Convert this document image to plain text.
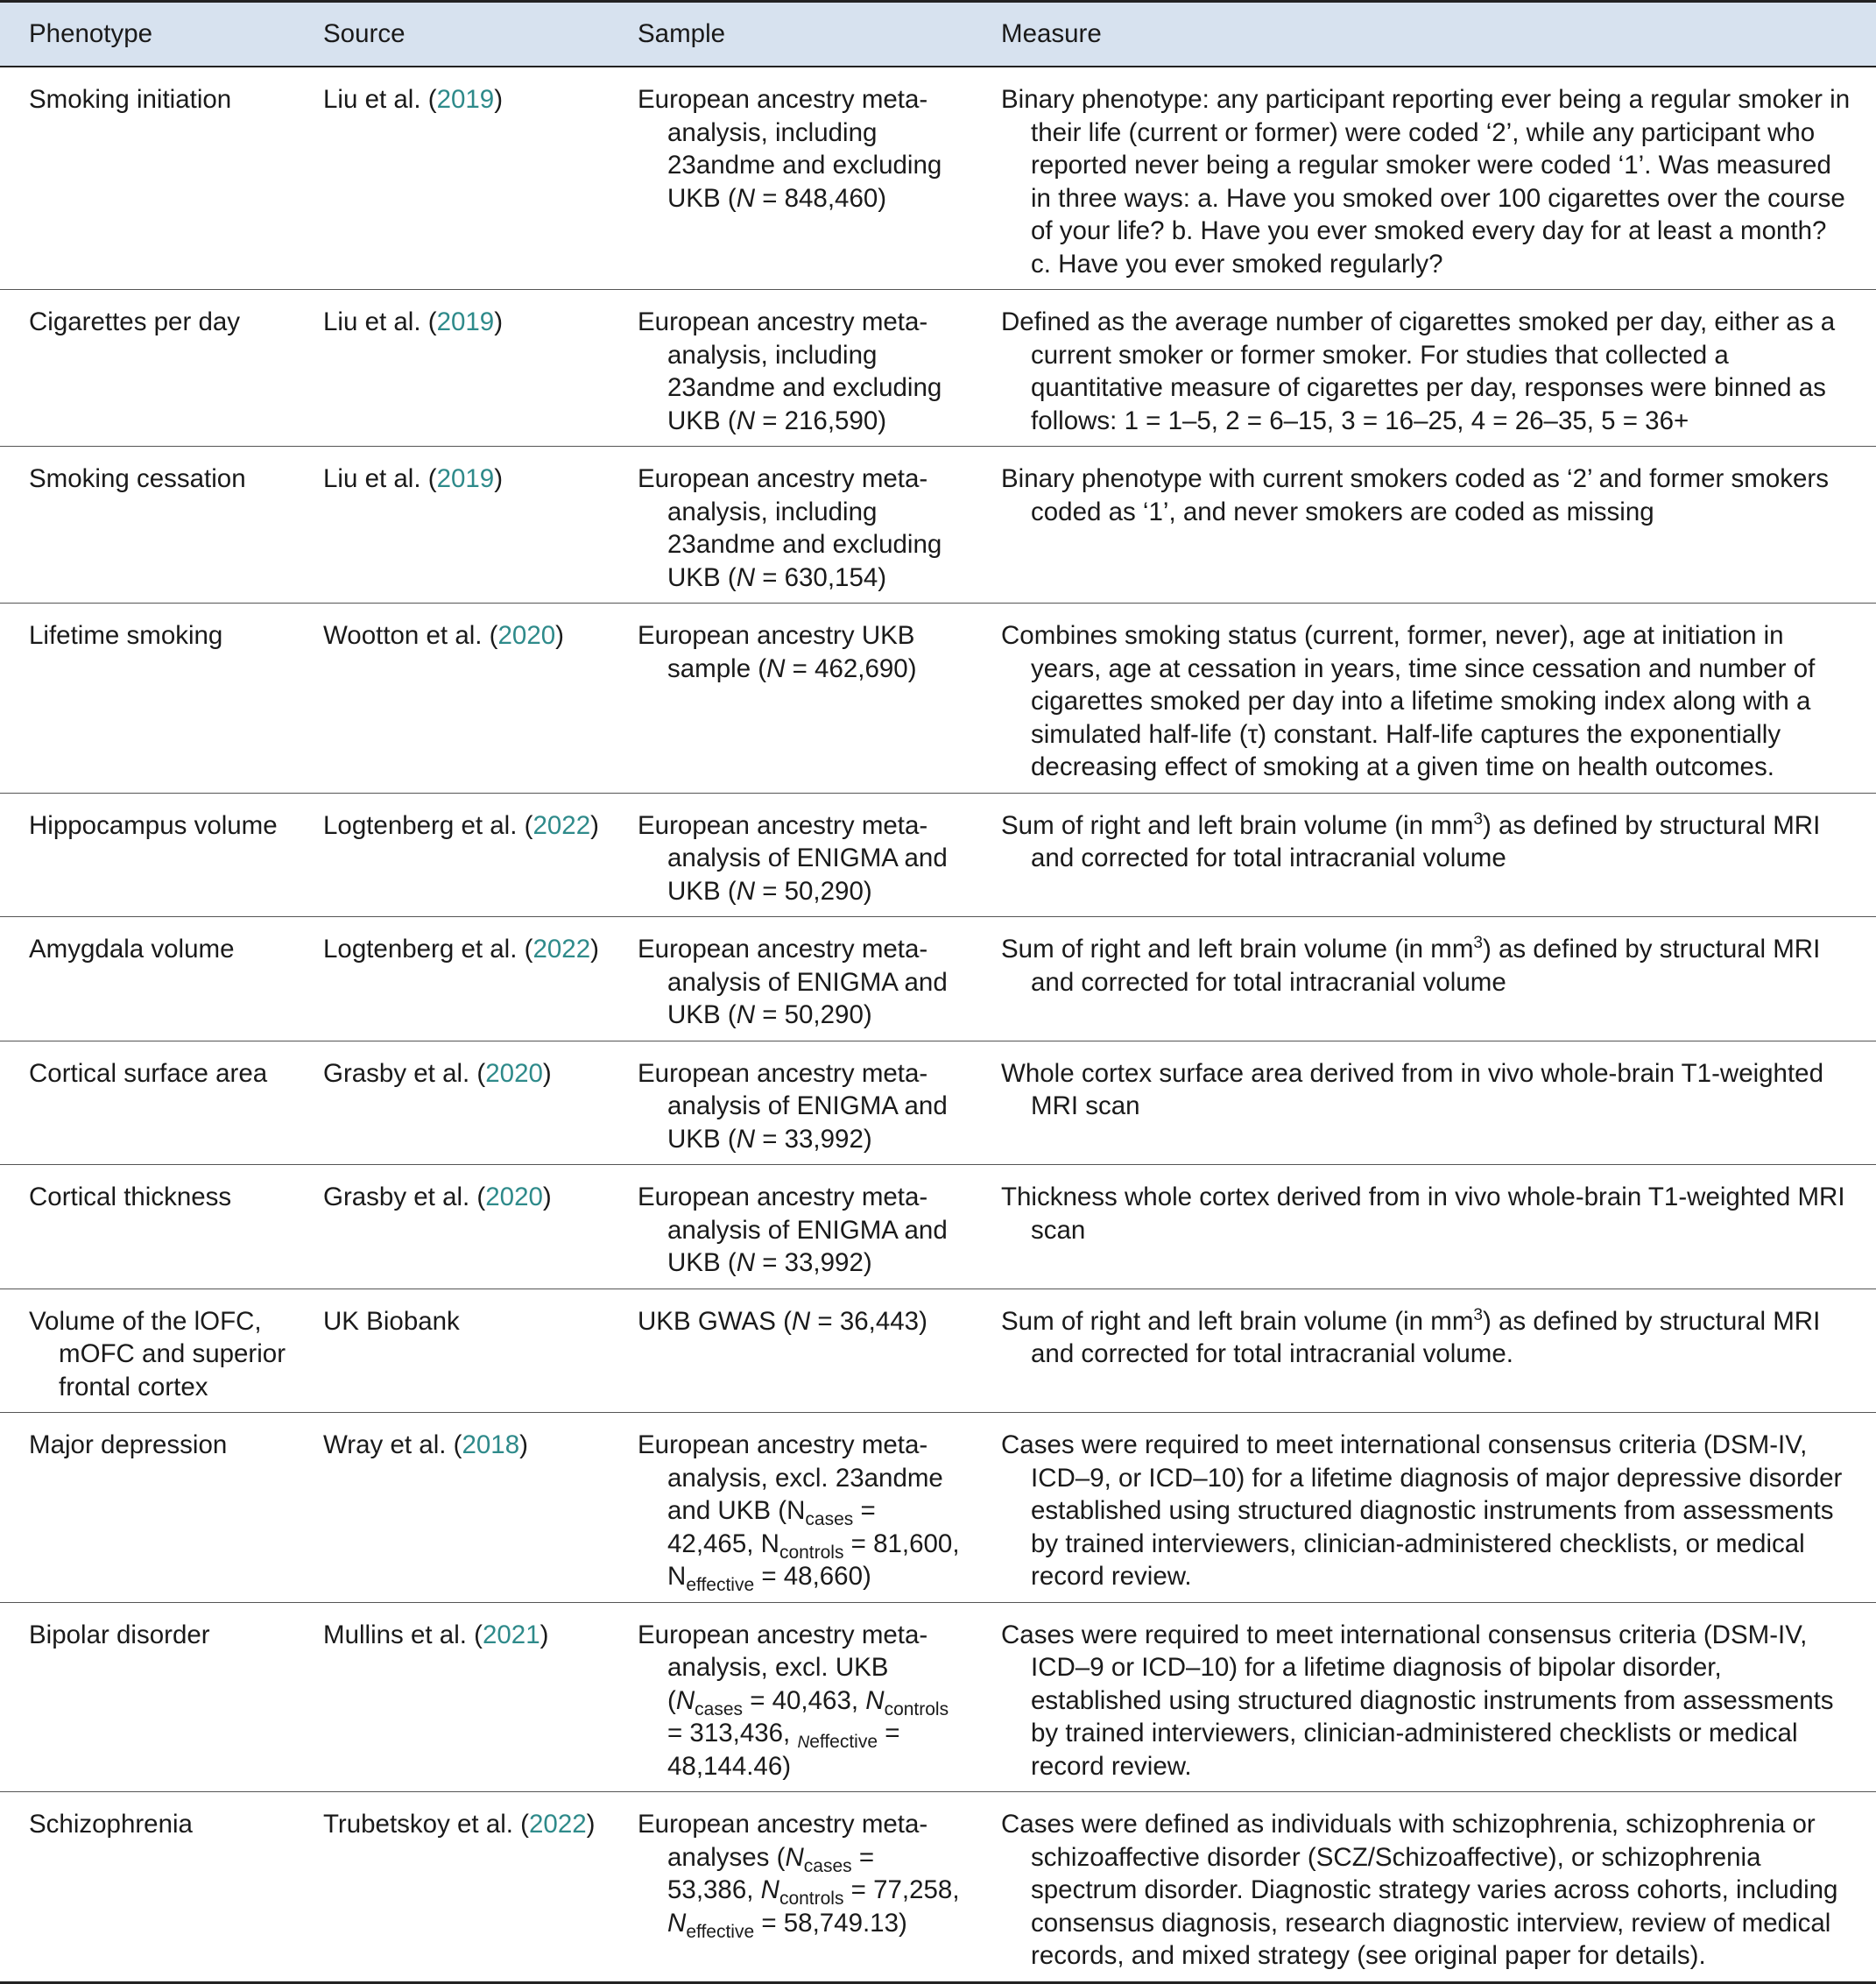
Phenotype	Source	Sample	Measure

Smoking initiation	Liu et al. (2019)	European ancestry meta-analysis, including 23andme and excluding UKB (N = 848,460)	Binary phenotype: any participant reporting ever being a regular smoker in their life (current or former) were coded ‘2’, while any participant who reported never being a regular smoker were coded ‘1’. Was measured in three ways: a. Have you smoked over 100 cigarettes over the course of your life? b. Have you ever smoked every day for at least a month? c. Have you ever smoked regularly?

Cigarettes per day	Liu et al. (2019)	European ancestry meta-analysis, including 23andme and excluding UKB (N = 216,590)	Defined as the average number of cigarettes smoked per day, either as a current smoker or former smoker. For studies that collected a quantitative measure of cigarettes per day, responses were binned as follows: 1 = 1–5, 2 = 6–15, 3 = 16–25, 4 = 26–35, 5 = 36+

Smoking cessation	Liu et al. (2019)	European ancestry meta-analysis, including 23andme and excluding UKB (N = 630,154)	Binary phenotype with current smokers coded as ‘2’ and former smokers coded as ‘1’, and never smokers are coded as missing

Lifetime smoking	Wootton et al. (2020)	European ancestry UKB sample (N = 462,690)	Combines smoking status (current, former, never), age at initiation in years, age at cessation in years, time since cessation and number of cigarettes smoked per day into a lifetime smoking index along with a simulated half-life (τ) constant. Half-life captures the exponentially decreasing effect of smoking at a given time on health outcomes.

Hippocampus volume	Logtenberg et al. (2022)	European ancestry meta-analysis of ENIGMA and UKB (N = 50,290)	Sum of right and left brain volume (in $mm^3$) as defined by structural MRI and corrected for total intracranial volume

Amygdala volume	Logtenberg et al. (2022)	European ancestry meta-analysis of ENIGMA and UKB (N = 50,290)	Sum of right and left brain volume (in $mm^3$) as defined by structural MRI and corrected for total intracranial volume

Cortical surface area	Grasby et al. (2020)	European ancestry meta-analysis of ENIGMA and UKB (N = 33,992)	Whole cortex surface area derived from in vivo whole-brain T1-weighted MRI scan

Cortical thickness	Grasby et al. (2020)	European ancestry meta-analysis of ENIGMA and UKB (N = 33,992)	Thickness whole cortex derived from in vivo whole-brain T1-weighted MRI scan

Volume of the lOFC, mOFC and superior frontal cortex	UK Biobank	UKB GWAS (N = 36,443)	Sum of right and left brain volume (in $mm^3$) as defined by structural MRI and corrected for total intracranial volume.

Major depression	Wray et al. (2018)	European ancestry meta-analysis, excl. 23andme and UKB ($N_{cases} = 42,465$, $N_{controls} = 81,600$, $N_{effective} = 48,660$)	Cases were required to meet international consensus criteria (DSM-IV, ICD–9, or ICD–10) for a lifetime diagnosis of major depressive disorder established using structured diagnostic instruments from assessments by trained interviewers, clinician-administered checklists, or medical record review.

Bipolar disorder	Mullins et al. (2021)	European ancestry meta-analysis, excl. UKB ($N_{cases} = 40,463$, $N_{controls} = 313,436$, $_{Neffective}$ = 48,144.46)	Cases were required to meet international consensus criteria (DSM-IV, ICD–9 or ICD–10) for a lifetime diagnosis of bipolar disorder, established using structured diagnostic instruments from assessments by trained interviewers, clinician-administered checklists or medical record review.

Schizophrenia	Trubetskoy et al. (2022)	European ancestry meta-analyses ($N_{cases} = 53,386$, $N_{controls} = 77,258$, $N_{effective} = 58,749.13$)	Cases were defined as individuals with schizophrenia, schizophrenia or schizoaffective disorder (SCZ/Schizoaffective), or schizophrenia spectrum disorder. Diagnostic strategy varies across cohorts, including consensus diagnosis, research diagnostic interview, review of medical records, and mixed strategy (see original paper for details).
